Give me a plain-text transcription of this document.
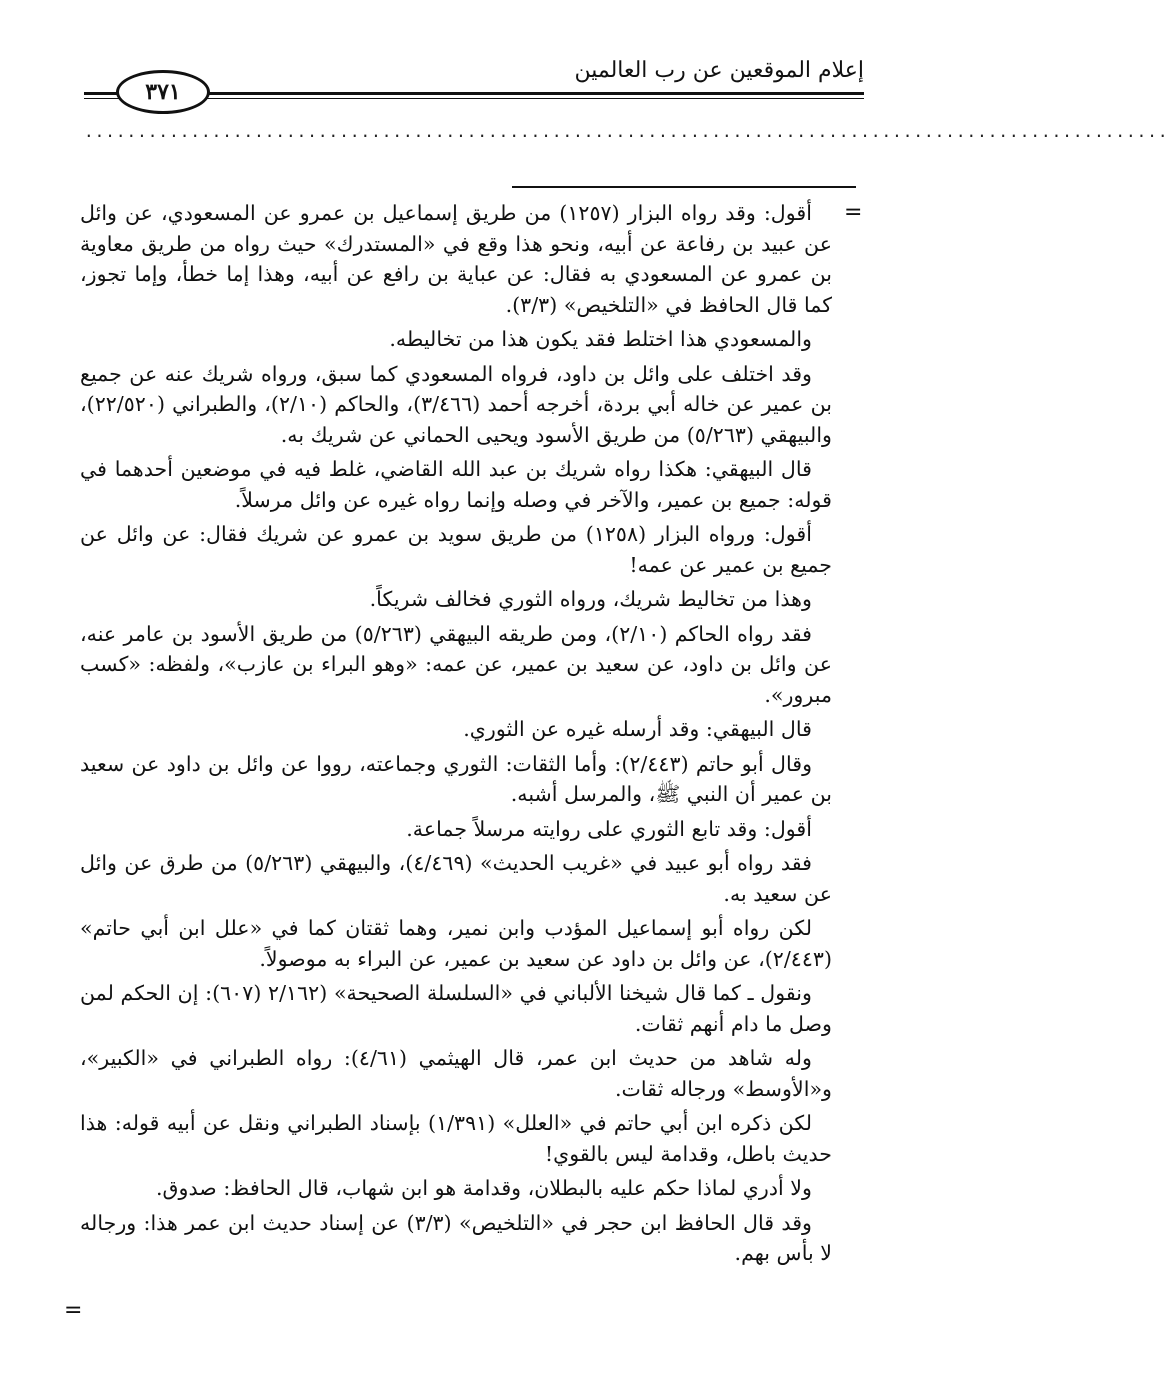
إعلام الموقعين عن رب العالمين
٣٧١
......................................................................................................
=
=

أقول: وقد رواه البزار (١٢٥٧) من طريق إسماعيل بن عمرو عن المسعودي، عن وائل عن عبيد بن رفاعة عن أبيه، ونحو هذا وقع في «المستدرك» حيث رواه من طريق معاوية بن عمرو عن المسعودي به فقال: عن عباية بن رافع عن أبيه، وهذا إما خطأ، وإما تجوز، كما قال الحافظ في «التلخيص» (٣/٣).

والمسعودي هذا اختلط فقد يكون هذا من تخاليطه.

وقد اختلف على وائل بن داود، فرواه المسعودي كما سبق، ورواه شريك عنه عن جميع بن عمير عن خاله أبي بردة، أخرجه أحمد (٣/٤٦٦)، والحاكم (٢/١٠)، والطبراني (٢٢/٥٢٠)، والبيهقي (٥/٢٦٣) من طريق الأسود ويحيى الحماني عن شريك به.

قال البيهقي: هكذا رواه شريك بن عبد الله القاضي، غلط فيه في موضعين أحدهما في قوله: جميع بن عمير، والآخر في وصله وإنما رواه غيره عن وائل مرسلاً.

أقول: ورواه البزار (١٢٥٨) من طريق سويد بن عمرو عن شريك فقال: عن وائل عن جميع بن عمير عن عمه!

وهذا من تخاليط شريك، ورواه الثوري فخالف شريكاً.

فقد رواه الحاكم (٢/١٠)، ومن طريقه البيهقي (٥/٢٦٣) من طريق الأسود بن عامر عنه، عن وائل بن داود، عن سعيد بن عمير، عن عمه: «وهو البراء بن عازب»، ولفظه: «كسب مبرور».

قال البيهقي: وقد أرسله غيره عن الثوري.

وقال أبو حاتم (٢/٤٤٣): وأما الثقات: الثوري وجماعته، رووا عن وائل بن داود عن سعيد بن عمير أن النبي ﷺ، والمرسل أشبه.

أقول: وقد تابع الثوري على روايته مرسلاً جماعة.

فقد رواه أبو عبيد في «غريب الحديث» (٤/٤٦٩)، والبيهقي (٥/٢٦٣) من طرق عن وائل عن سعيد به.

لكن رواه أبو إسماعيل المؤدب وابن نمير، وهما ثقتان كما في «علل ابن أبي حاتم» (٢/٤٤٣)، عن وائل بن داود عن سعيد بن عمير، عن البراء به موصولاً.

ونقول ـ كما قال شيخنا الألباني في «السلسلة الصحيحة» (٢/١٦٢ (٦٠٧): إن الحكم لمن وصل ما دام أنهم ثقات.

وله شاهد من حديث ابن عمر، قال الهيثمي (٤/٦١): رواه الطبراني في «الكبير»، و«الأوسط» ورجاله ثقات.

لكن ذكره ابن أبي حاتم في «العلل» (١/٣٩١) بإسناد الطبراني ونقل عن أبيه قوله: هذا حديث باطل، وقدامة ليس بالقوي!

ولا أدري لماذا حكم عليه بالبطلان، وقدامة هو ابن شهاب، قال الحافظ: صدوق.

وقد قال الحافظ ابن حجر في «التلخيص» (٣/٣) عن إسناد حديث ابن عمر هذا: ورجاله لا بأس بهم.
